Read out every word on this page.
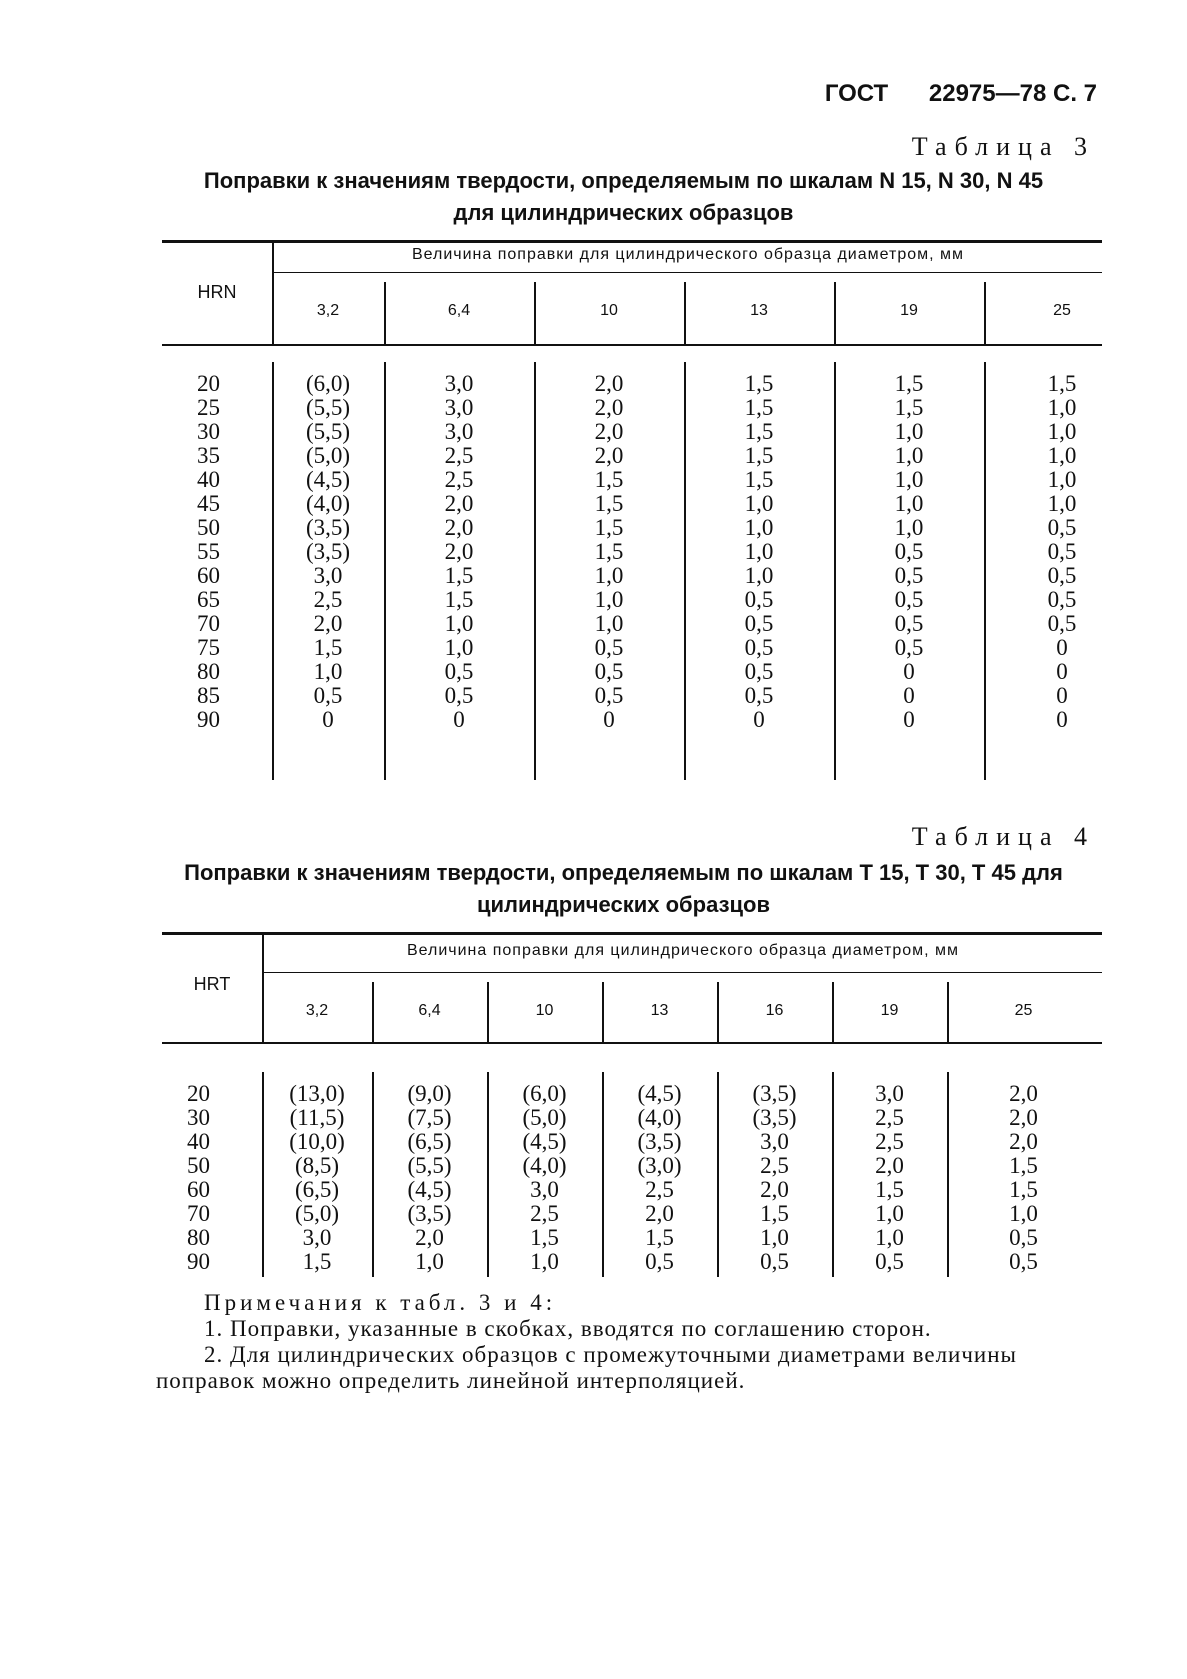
ГОСТ 22975—78 С. 7
Таблица 3
Поправки к значениям твердости, определяемым по шкалам N 15, N 30, N 45
для цилиндрических образцов
HRN
Величина поправки для цилиндрического образца диаметром, мм
20	(6,0)	3,0	2,0	1,5	1,5	1,5
25	(5,5)	3,0	2,0	1,5	1,5	1,0
30	(5,5)	3,0	2,0	1,5	1,0	1,0
35	(5,0)	2,5	2,0	1,5	1,0	1,0
40	(4,5)	2,5	1,5	1,5	1,0	1,0
45	(4,0)	2,0	1,5	1,0	1,0	1,0
50	(3,5)	2,0	1,5	1,0	1,0	0,5
55	(3,5)	2,0	1,5	1,0	0,5	0,5
60	3,0	1,5	1,0	1,0	0,5	0,5
65	2,5	1,5	1,0	0,5	0,5	0,5
70	2,0	1,0	1,0	0,5	0,5	0,5
75	1,5	1,0	0,5	0,5	0,5	0
80	1,0	0,5	0,5	0,5	0	0
85	0,5	0,5	0,5	0,5	0	0
90	0	0	0	0	0	0
3,2	6,4	10	13	19	25
Таблица 4
Поправки к значениям твердости, определяемым по шкалам Т 15, Т 30, Т 45 для
цилиндрических образцов
HRT
Величина поправки для цилиндрического образца диаметром, мм
20	(13,0)	(9,0)	(6,0)	(4,5)	(3,5)	3,0	2,0
30	(11,5)	(7,5)	(5,0)	(4,0)	(3,5)	2,5	2,0
40	(10,0)	(6,5)	(4,5)	(3,5)	3,0	2,5	2,0
50	(8,5)	(5,5)	(4,0)	(3,0)	2,5	2,0	1,5
60	(6,5)	(4,5)	3,0	2,5	2,0	1,5	1,5
70	(5,0)	(3,5)	2,5	2,0	1,5	1,0	1,0
80	3,0	2,0	1,5	1,5	1,0	1,0	0,5
90	1,5	1,0	1,0	0,5	0,5	0,5	0,5
3,2	6,4	10	13	16	19	25

Примечания к табл. 3 и 4:

1. Поправки, указанные в скобках, вводятся по соглашению сторон.

2. Для цилиндрических образцов с промежуточными диаметрами величины

поправок можно определить линейной интерполяцией.
